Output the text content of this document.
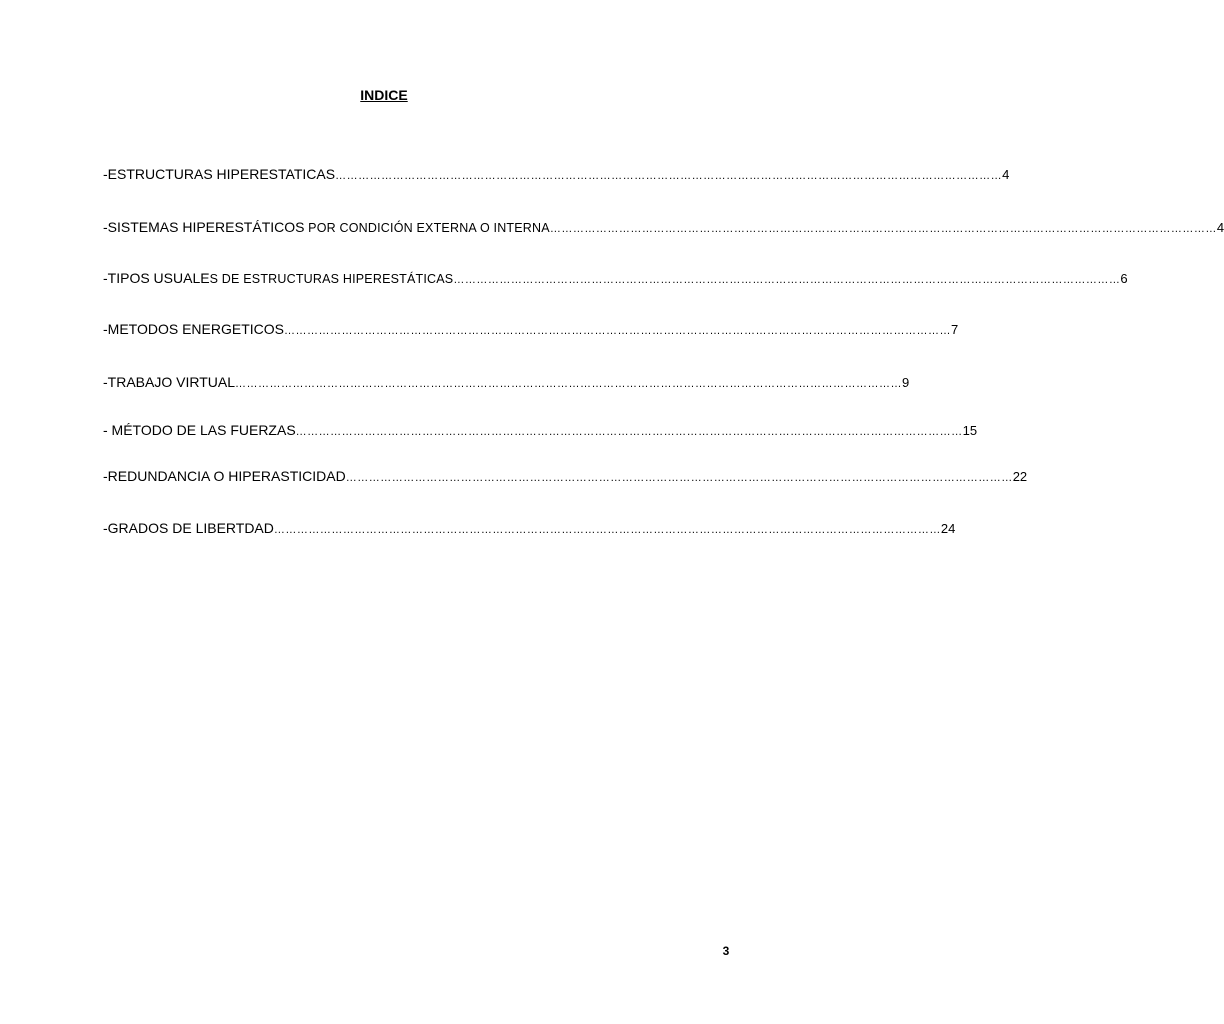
INDICE
-ESTRUCTURAS HIPERESTATICAS ………………………………………………………………………………………………………………………………………………………… 4
-SISTEMAS HIPERESTÁTICOS POR CONDICIÓN EXTERNA O INTERNA ………………………………………………………………………………………………………………………………………………………… 4
-TIPOS USUALE S DE ESTRUCTURAS HIPERESTÁTICAS ………………………………………………………………………………………………………………………………………………………… 6
-METODOS ENERGETICOS ………………………………………………………………………………………………………………………………………………………… 7
-TRABAJO VIRTUAL ………………………………………………………………………………………………………………………………………………………… 9
- MÉTODO DE LAS FUERZAS ………………………………………………………………………………………………………………………………………………………… 15
-REDUNDANCIA O HIPERASTICIDAD ………………………………………………………………………………………………………………………………………………………… 22
-GRADOS DE LIBERTDAD ………………………………………………………………………………………………………………………………………………………… 24
3
